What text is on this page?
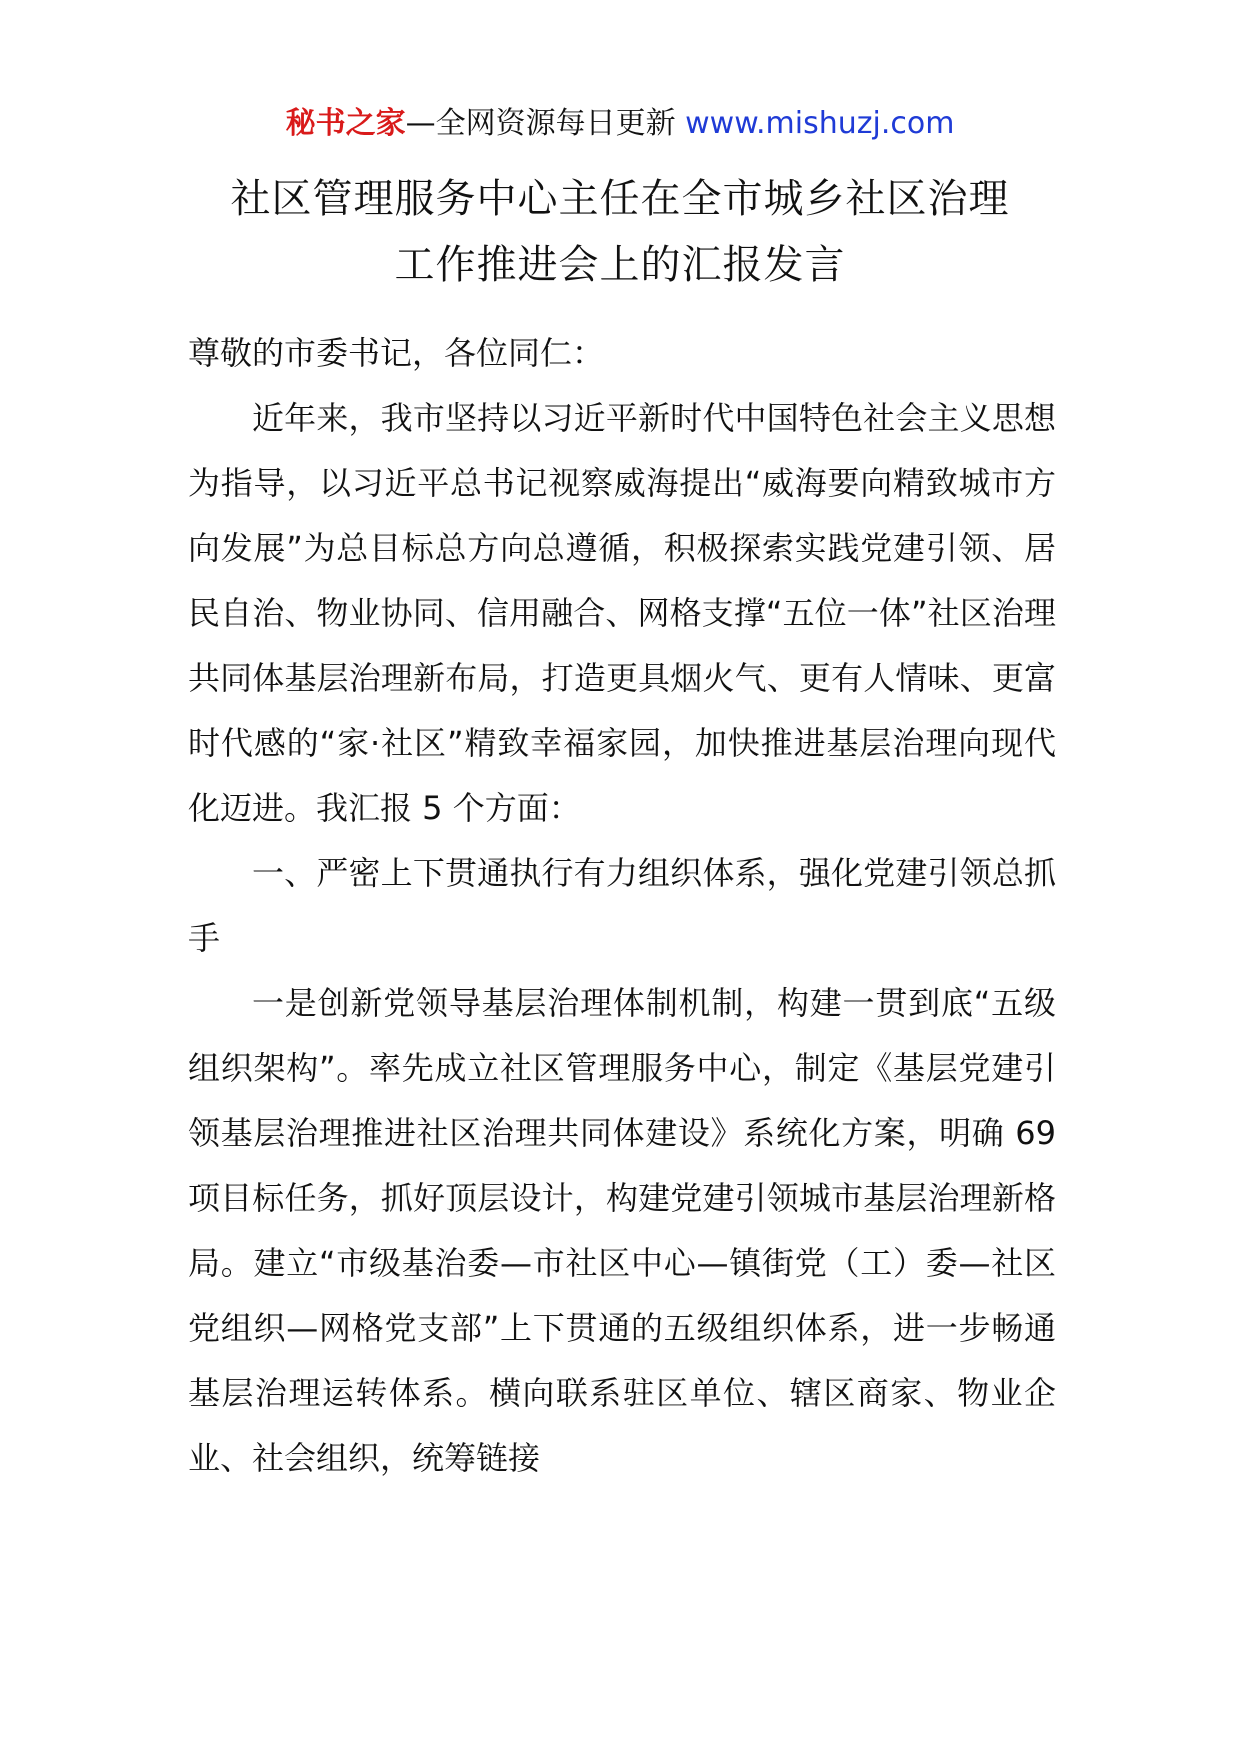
秘书之家—全网资源每日更新 www.mishuzj.com
社区管理服务中心主任在全市城乡社区治理
工作推进会上的汇报发言

尊敬的市委书记，各位同仁：

近年来，我市坚持以习近平新时代中国特色社会主义思想为指导，以习近平总书记视察威海提出“威海要向精致城市方向发展”为总目标总方向总遵循，积极探索实践党建引领、居民自治、物业协同、信用融合、网格支撑“五位一体”社区治理共同体基层治理新布局，打造更具烟火气、更有人情味、更富时代感的“家·社区”精致幸福家园，加快推进基层治理向现代化迈进。我汇报 5 个方面：

一、严密上下贯通执行有力组织体系，强化党建引领总抓手

一是创新党领导基层治理体制机制，构建一贯到底“五级组织架构”。率先成立社区管理服务中心，制定《基层党建引领基层治理推进社区治理共同体建设》系统化方案，明确 69 项目标任务，抓好顶层设计，构建党建引领城市基层治理新格局。建立“市级基治委—市社区中心—镇街党（工）委—社区党组织—网格党支部”上下贯通的五级组织体系，进一步畅通基层治理运转体系。横向联系驻区单位、辖区商家、物业企业、社会组织，统筹链接
